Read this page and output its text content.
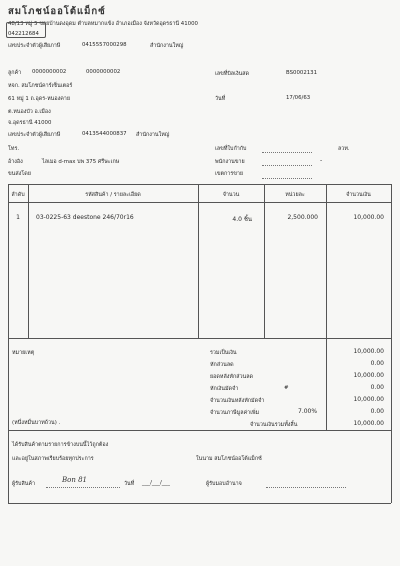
สมโภชน์ออโต้แม็กซ์
48/13 หมู่ 5 ซอยบ้านดงอุดม ตำบลหมากแข้ง อำเภอเมือง จังหวัดอุดรธานี 41000
042212684
เลขประจำตัวผู้เสียภาษี	0415557000298	สำนักงานใหญ่
ลูกค้า 0000000002	0000000002
หจก. สมโภชน์คาร์เซ็นเตอร์
61 หมู่ 1 ถ.อุดร-หนองคาย
ต.หนองบัว อ.เมือง
จ.อุดรธานี 41000
เลขประจำตัวผู้เสียภาษี	0413544000837 สำนักงานใหญ่
โทร.
อ้างอิง	ไลเมอ d-max บพ 375 ศรีษะเกษ
ขนส่งโดย
เลขที่บิลเงินสด	BS0002131
วันที่	17/06/63
เลขที่ใบกำกับ	ลวท.
พนักงานขาย
เขตการขาย
-
ลำดับ	รหัสสินค้า / รายละเอียด	จำนวน	หน่วยละ	จำนวนเงิน
1	03-0225-63 deestone 246/70r16	4.0 ชิ้น	2,500.000	10,000.00
หมายเหตุ
(หนึ่งหมื่นบาทถ้วน) .
รวมเป็นเงิน	10,000.00
หักส่วนลด	0.00
ยอดหลังหักส่วนลด	10,000.00
หักเงินมัดจำ	#	0.00
จำนวนเงินหลังหักมัดจำ	10,000.00
จำนวนภาษีมูลค่าเพิ่ม	7.00%	0.00
จำนวนเงินรวมทั้งสิ้น	10,000.00
ได้รับสินค้าตามรายการข้างบนนี้ไว้ถูกต้อง
และอยู่ในสภาพเรียบร้อยทุกประการ	ในนาม สมโภชน์ออโต้แม็กซ์
ผู้รับสินค้า	Bon 81	วันที่ ___/___/___	ผู้รับมอบอำนาจ
